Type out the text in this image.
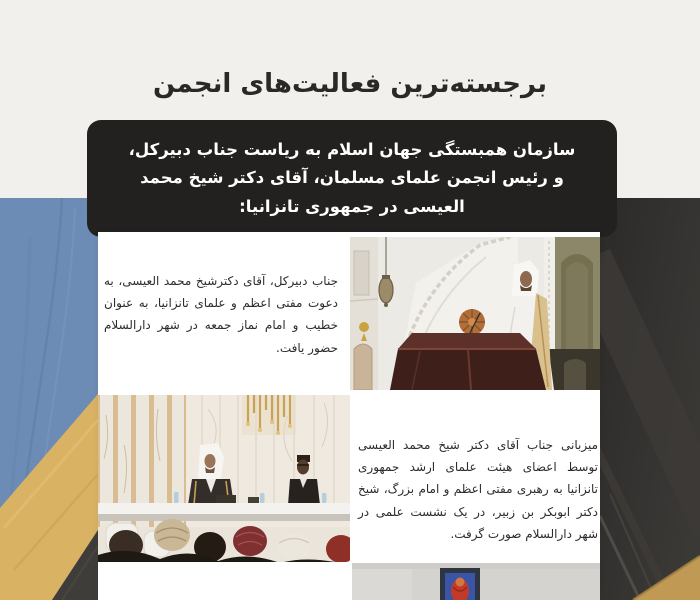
برجسته‌ترین فعالیت‌های انجمن

سازمان همبستگی جهان اسلام به ریاست جناب دبیرکل، و رئیس انجمن علمای مسلمان، آقای دکتر شیخ محمد العیسی در جمهوری تانزانیا:

جناب دبیرکل، آقای دکترشیخ محمد العیسی، به دعوت مفتی اعظم و علمای تانزانیا، به عنوان خطیب و امام نماز جمعه در شهر دارالسلام حضور یافت.

میزبانی جناب آقای دکتر شیخ محمد العیسی توسط اعضای هیئت علمای ارشد جمهوری تانزانیا به رهبری مفتی اعظم و امام بزرگ، شیخ دکتر ابوبکر بن زبیر، در یک نشست علمی در شهر دارالسلام صورت گرفت.
